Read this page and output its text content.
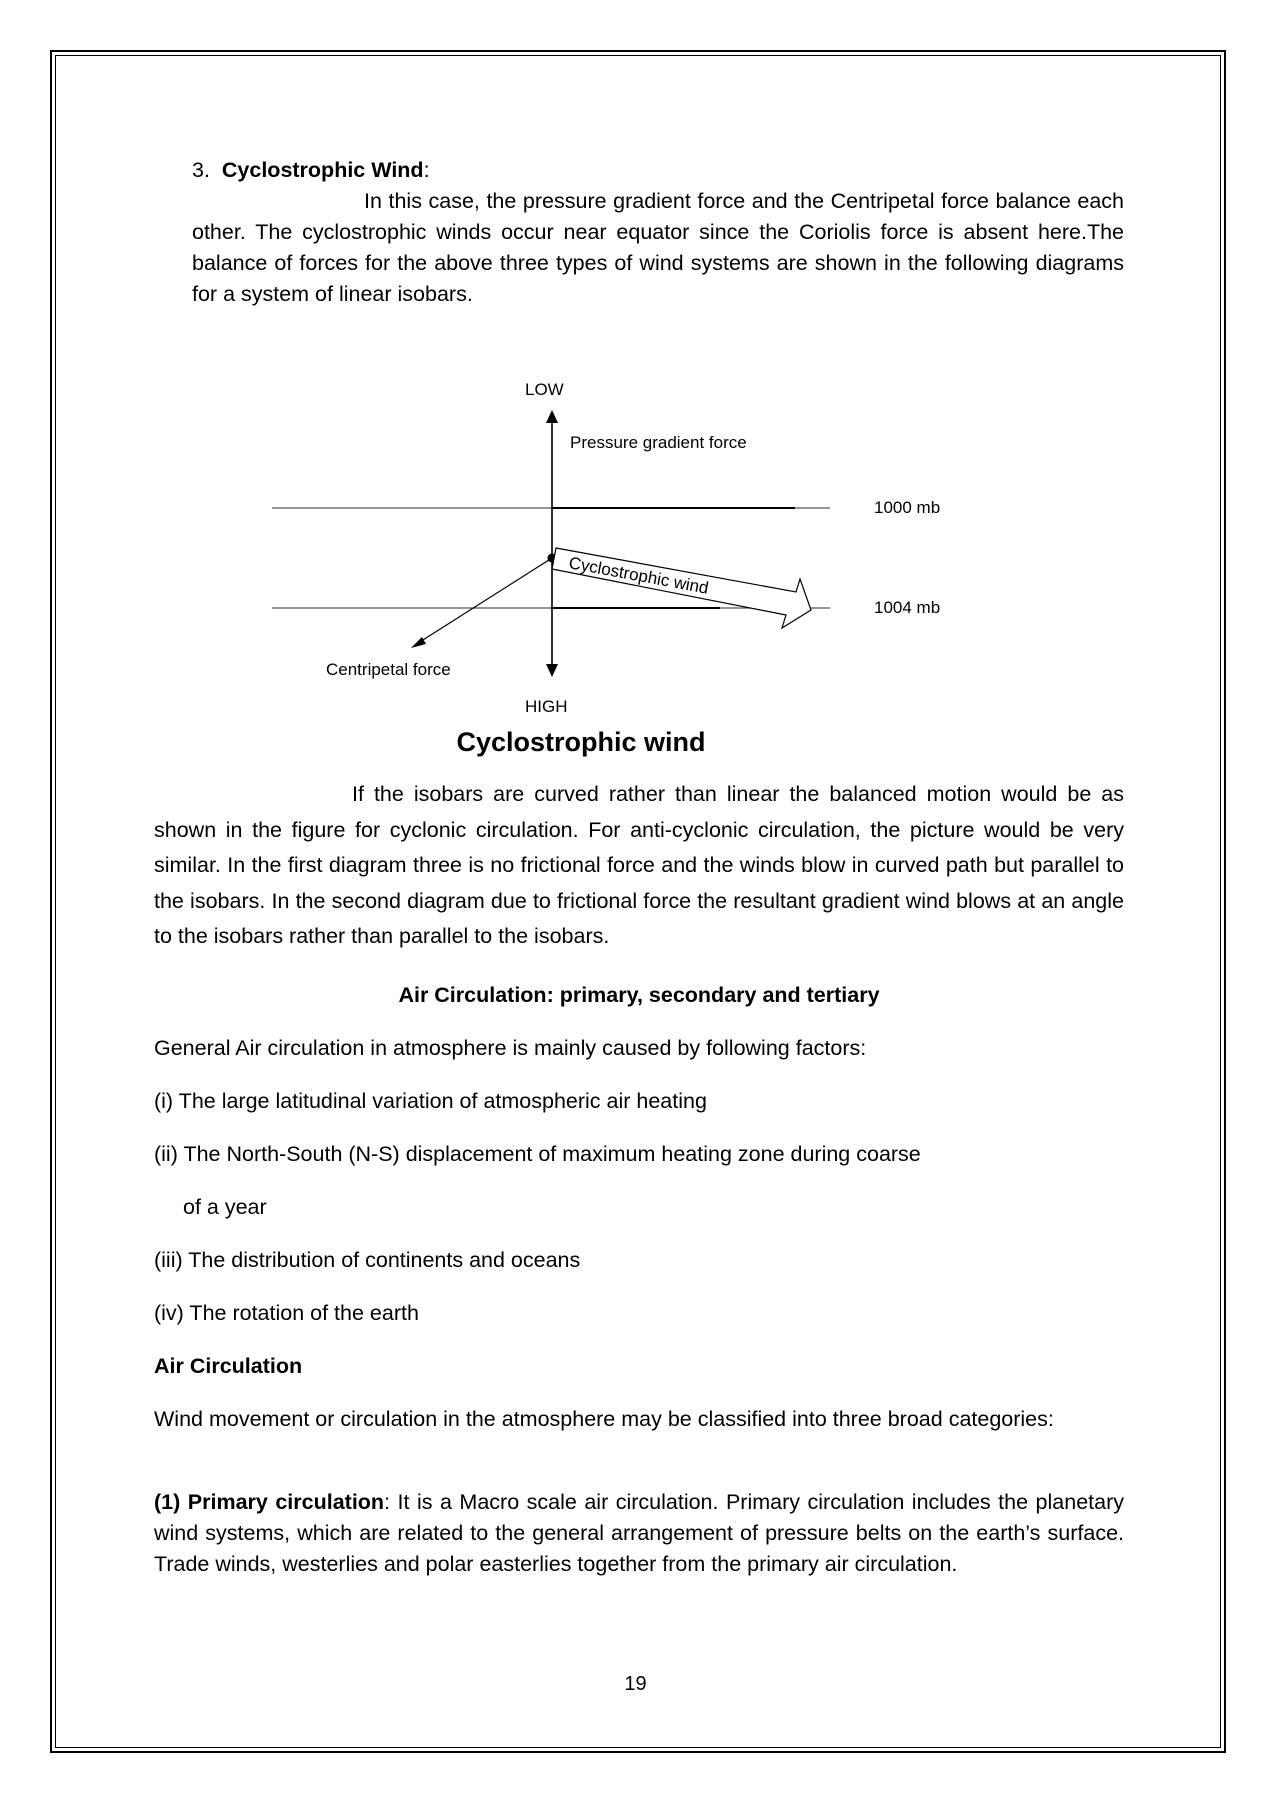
3. Cyclostrophic Wind:
In this case, the pressure gradient force and the Centripetal force balance each other. The cyclostrophic winds occur near equator since the Coriolis force is absent here.The balance of forces for the above three types of wind systems are shown in the following diagrams for a system of linear isobars.
Cyclostrophic wind
LOW
Pressure gradient force
1000 mb
1004 mb
Centripetal force
HIGH
Cyclostrophic wind
If the isobars are curved rather than linear the balanced motion would be as shown in the figure for cyclonic circulation. For anti-cyclonic circulation, the picture would be very similar. In the first diagram three is no frictional force and the winds blow in curved path but parallel to the isobars. In the second diagram due to frictional force the resultant gradient wind blows at an angle to the isobars rather than parallel to the isobars.
Air Circulation: primary, secondary and tertiary
General Air circulation in atmosphere is mainly caused by following factors:
(i) The large latitudinal variation of atmospheric air heating
(ii) The North-South (N-S) displacement of maximum heating zone during coarse
of a year
(iii) The distribution of continents and oceans
(iv) The rotation of the earth
Air Circulation
Wind movement or circulation in the atmosphere may be classified into three broad categories:
(1) Primary circulation: It is a Macro scale air circulation. Primary circulation includes the planetary wind systems, which are related to the general arrangement of pressure belts on the earth’s surface. Trade winds, westerlies and polar easterlies together from the primary air circulation.
19
